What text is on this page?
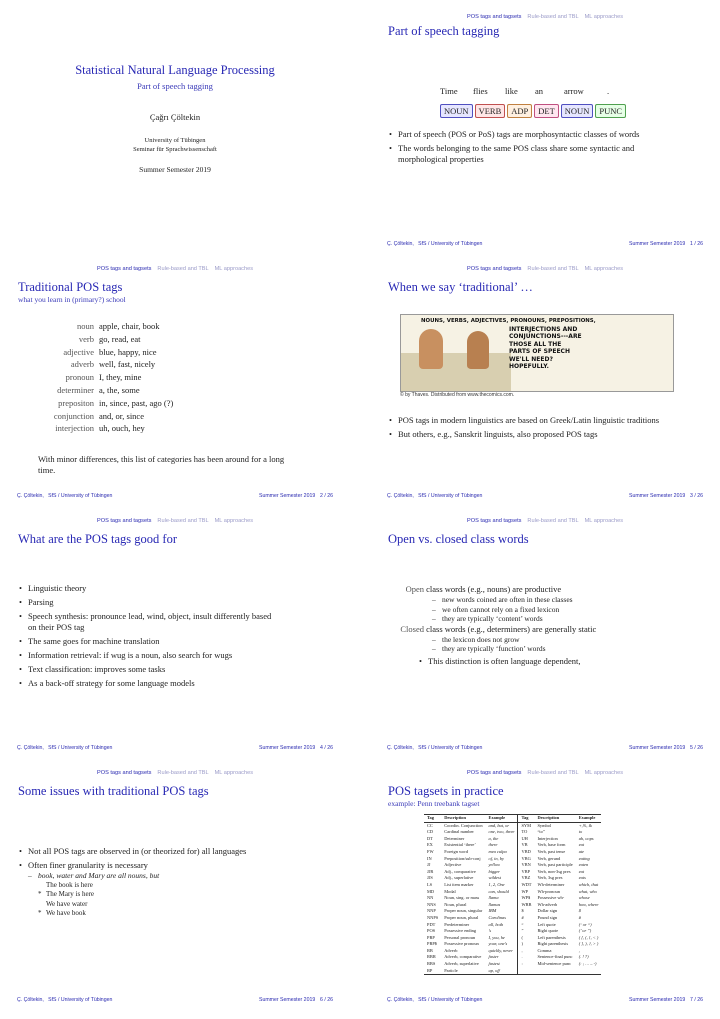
Statistical Natural Language Processing
Part of speech tagging
Çağrı Çöltekin
University of Tübingen
Seminar für Sprachwissenschaft
Summer Semester 2019
POS tags and tagsets Rule-based and TBL ML approaches
Part of speech tagging
Time flies like an arrow	.
NOUN VERB ADP DET NOUN PUNC
• Part of speech (POS or PoS) tags are morphosyntactic classes of words
• The words belonging to the same POS class share some syntactic and morphological properties
Ç. Çöltekin, SfS / University of Tübingen	Summer Semester 2019 1 / 26
POS tags and tagsets Rule-based and TBL ML approaches
Traditional POS tags
what you learn in (primary?) school
noun apple, chair, book
verb go, read, eat
adjective blue, happy, nice
adverb well, fast, nicely
pronoun I, they, mine
determiner a, the, some
prepositon in, since, past, ago (?)
conjunction and, or, since
interjection uh, ouch, hey
With minor differences, this list of categories has been around for a long time.
Ç. Çöltekin, SfS / University of Tübingen	Summer Semester 2019 2 / 26
POS tags and tagsets Rule-based and TBL ML approaches
When we say ‘traditional’ …
NOUNS, VERBS, ADJECTIVES, PRONOUNS, PREPOSITIONS,
INTERJECTIONS AND
CONJUNCTIONS---ARE
THOSE ALL THE
PARTS OF SPEECH
WE'LL NEED?
HOPEFULLY.
© by Thaves. Distributed from www.thecomics.com.
• POS tags in modern linguistics are based on Greek/Latin linguistic traditions
• But others, e.g., Sanskrit linguists, also proposed POS tags
Ç. Çöltekin, SfS / University of Tübingen	Summer Semester 2019 3 / 26
POS tags and tagsets Rule-based and TBL ML approaches
What are the POS tags good for
• Linguistic theory
• Parsing
• Speech synthesis: pronounce lead, wind, object, insult differently based on their POS tag
• The same goes for machine translation
• Information retrieval: if wug is a noun, also search for wugs
• Text classification: improves some tasks
• As a back-off strategy for some language models
Ç. Çöltekin, SfS / University of Tübingen	Summer Semester 2019 4 / 26
POS tags and tagsets Rule-based and TBL ML approaches
Open vs. closed class words
Open class words (e.g., nouns) are productive
– new words coined are often in these classes
– we often cannot rely on a fixed lexicon
– they are typically ‘content’ words
Closed class words (e.g., determiners) are generally static
– the lexicon does not grow
– they are typically ‘function’ words
• This distinction is often language dependent,
Ç. Çöltekin, SfS / University of Tübingen	Summer Semester 2019 5 / 26
POS tags and tagsets Rule-based and TBL ML approaches
Some issues with traditional POS tags
• Not all POS tags are observed in (or theorized for) all languages
• Often finer granularity is necessary
– book, water and Mary are all nouns, but
The book is here
* The Mary is here
We have water
* We have book
Ç. Çöltekin, SfS / University of Tübingen	Summer Semester 2019 6 / 26
POS tags and tagsets Rule-based and TBL ML approaches
POS tagsets in practice
example: Penn treebank tagset
Tag	Description	Example	Tag	Description	Example
CC	Coordin. Conjunction	and, but, or	SYM	Symbol	+,%, &
CD	Cardinal number	one, two, three	TO	“to”	to
DT	Determiner	a, the	UH	Interjection	ah, oops
EX	Existential ‘there’	there	VB	Verb, base form	eat
FW	Foreign word	mea culpa	VBD	Verb, past tense	ate
IN	Preposition/sub-conj	of, in, by	VBG	Verb, gerund	eating
JJ	Adjective	yellow	VBN	Verb, past participle	eaten
JJR	Adj., comparative	bigger	VBP	Verb, non-3sg pres	eat
JJS	Adj., superlative	wildest	VBZ	Verb, 3sg pres	eats
LS	List item marker	1, 2, One	WDT	Wh-determiner	which, that
MD	Modal	can, should	WP	Wh-pronoun	what, who
NN	Noun, sing. or mass	llama	WP$	Possessive wh-	whose
NNS	Noun, plural	llamas	WRB	Wh-adverb	how, where
NNP	Proper noun, singular	IBM	$	Dollar sign	$
NNPS	Proper noun, plural	Carolinas	#	Pound sign	#
PDT	Predeterminer	all, both	“	Left quote	(‘ or “)
POS	Possessive ending	’s	”	Right quote	(’ or ”)
PRP	Personal pronoun	I, you, he	(	Left parenthesis	( [, (, {, < )
PRP$	Possessive pronoun	your, one’s	)	Right parenthesis	( ], ), }, > )
RB	Adverb	quickly, never	,	Comma	,
RBR	Adverb, comparative	faster	.	Sentence-final punc	(. ! ?)
RBS	Adverb, superlative	fastest	:	Mid-sentence punc	(: ; … – -)
RP	Particle	up, off			
Ç. Çöltekin, SfS / University of Tübingen	Summer Semester 2019 7 / 26
